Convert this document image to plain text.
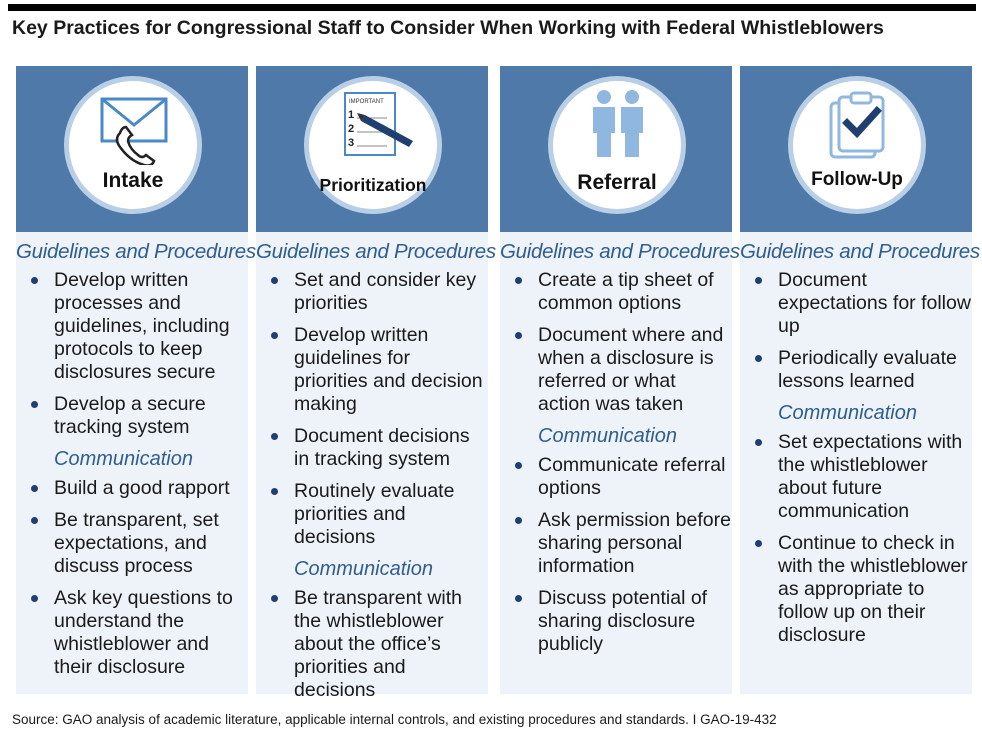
Key Practices for Congressional Staff to Consider When Working with Federal Whistleblowers
Intake
Guidelines and Procedures
Develop written processes and guidelines, including protocols to keep disclosures secure
Develop a secure tracking system
Communication
Build a good rapport
Be transparent, set expectations, and discuss process
Ask key questions to understand the whistleblower and their disclosure
IMPORTANT
1
2
3
Prioritization
Guidelines and Procedures
Set and consider key priorities
Develop written guidelines for priorities and decision making
Document decisions in tracking system
Routinely evaluate priorities and decisions
Communication
Be transparent with the whistleblower about the office’s priorities and decisions
Referral
Guidelines and Procedures
Create a tip sheet of common options
Document where and when a disclosure is referred or what action was taken
Communication
Communicate referral options
Ask permission before sharing personal information
Discuss potential of sharing disclosure publicly
Follow-Up
Guidelines and Procedures
Document expectations for follow up
Periodically evaluate lessons learned
Communication
Set expectations with the whistleblower about future communication
Continue to check in with the whistleblower as appropriate to follow up on their disclosure
Source: GAO analysis of academic literature, applicable internal controls, and existing procedures and standards. I GAO-19-432
